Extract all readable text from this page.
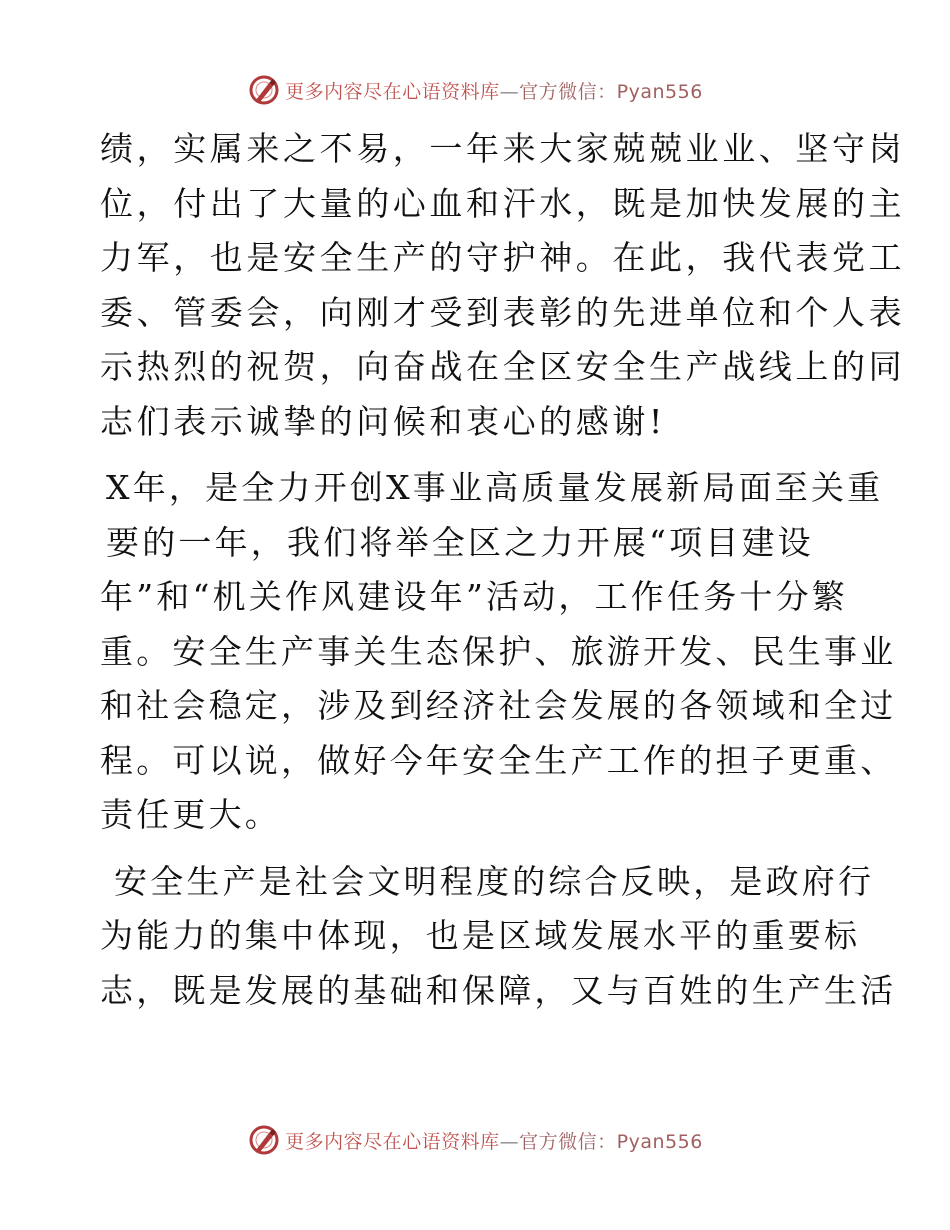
更多内容尽在心语资料库—官方微信：Pyan556

绩，实属来之不易，一年来大家兢兢业业、坚守岗
位，付出了大量的心血和汗水，既是加快发展的主
力军，也是安全生产的守护神。在此，我代表党工
委、管委会，向刚才受到表彰的先进单位和个人表
示热烈的祝贺，向奋战在全区安全生产战线上的同
志们表示诚挚的问候和衷心的感谢!

X年，是全力开创X事业高质量发展新局面至关重
要的一年，我们将举全区之力开展“项目建设
年”和“机关作风建设年”活动，工作任务十分繁
重。安全生产事关生态保护、旅游开发、民生事业
和社会稳定，涉及到经济社会发展的各领域和全过
程。可以说，做好今年安全生产工作的担子更重、
责任更大。

安全生产是社会文明程度的综合反映，是政府行
为能力的集中体现，也是区域发展水平的重要标
志，既是发展的基础和保障，又与百姓的生产生活

更多内容尽在心语资料库—官方微信：Pyan556
